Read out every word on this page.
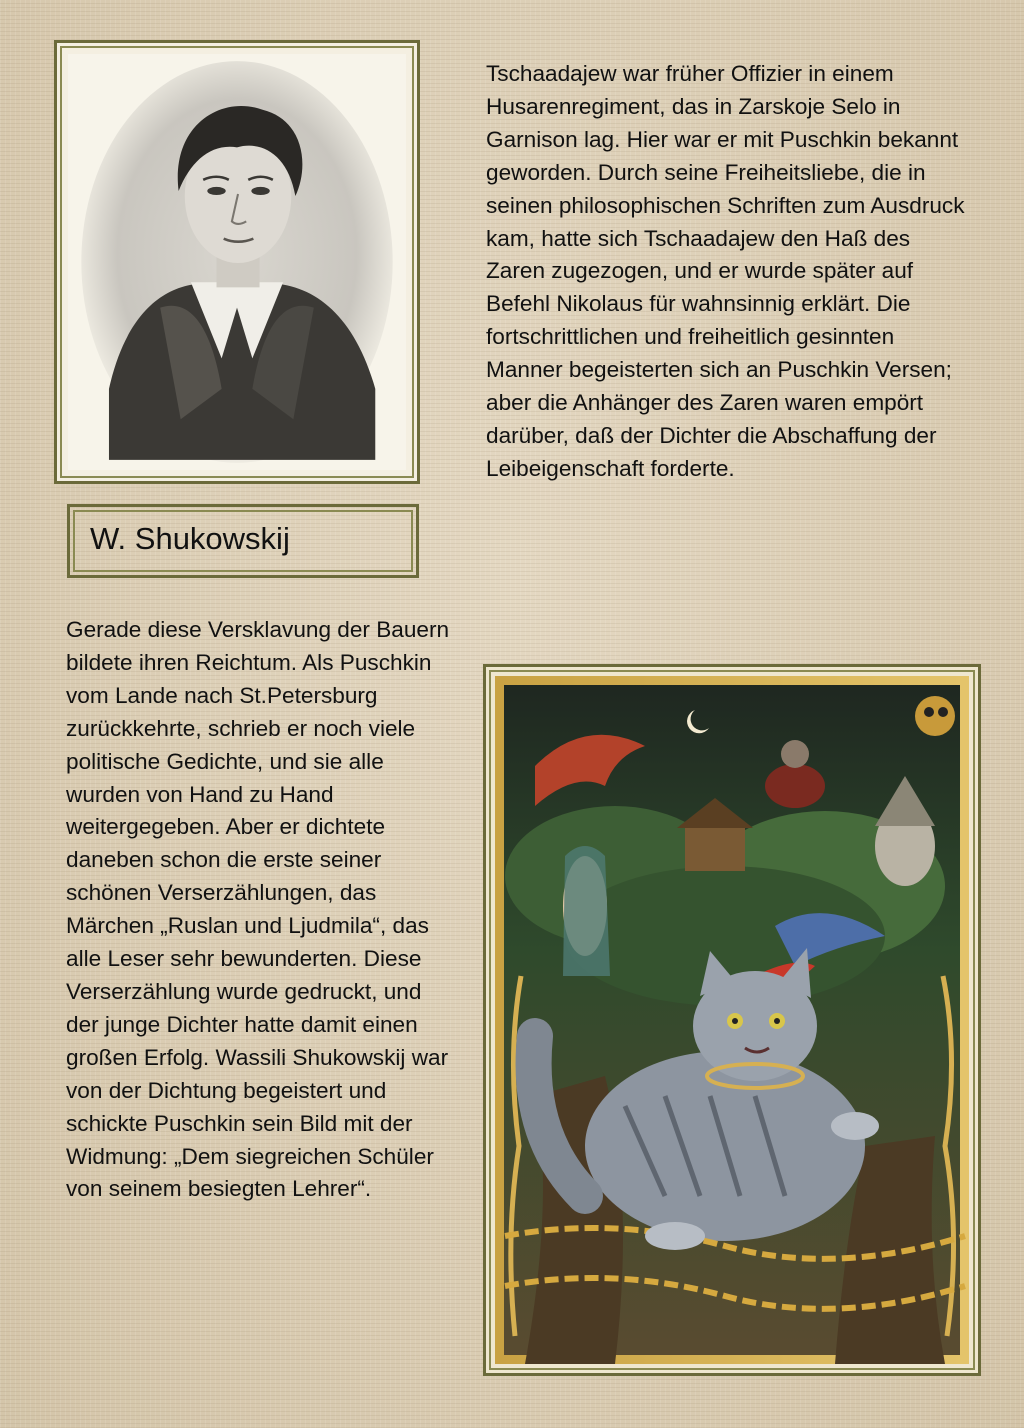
W. Shukowskij
Tschaadajew war früher Offizier in einem Husarenregiment, das in Zarskoje Selo in Garnison lag. Hier war er mit Puschkin bekannt geworden. Durch seine Freiheitsliebe, die in seinen philosophischen Schriften zum Ausdruck kam, hatte sich Tschaadajew den Haß des Zaren zugezogen, und er wurde später auf Befehl Nikolaus für wahnsinnig erklärt. Die fortschrittlichen und freiheitlich gesinnten Manner begeisterten sich an Puschkin Versen; aber die Anhänger des Zaren waren empört darüber, daß der Dichter die Abschaffung der Leibeigenschaft forderte.
Gerade diese Versklavung der Bauern bildete ihren Reichtum. Als Puschkin vom Lande nach St.Petersburg zurückkehrte, schrieb er noch viele politische Gedichte, und sie alle wurden von Hand zu Hand weitergegeben. Aber er dichtete daneben schon die erste seiner schönen Verserzählungen, das Märchen „Ruslan und Ljudmila“, das alle Leser sehr bewunderten. Diese Verserzählung wurde gedruckt, und der junge Dichter hatte damit einen großen Erfolg. Wassili Shukowskij war von der Dichtung begeistert und schickte Puschkin sein Bild mit der Widmung: „Dem siegreichen Schüler von seinem besiegten Lehrer“.
